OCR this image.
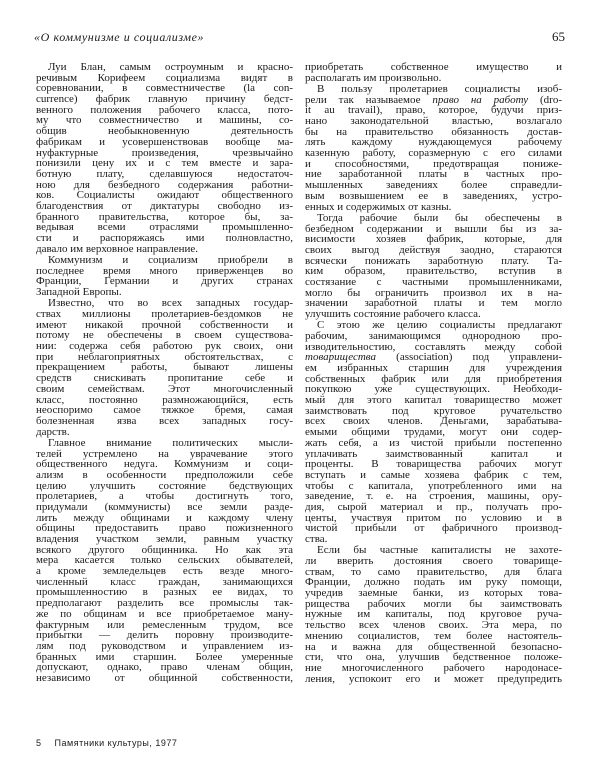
«О коммунизме и социализме»	65
Луи Блан, самым остроумным и красно-
речивым Корифеем социализма видят в
соревновании, в совместничестве (la con-
currence) фабрик главную причину бедст-
венного положения рабочего класса, пото-
му что совместничество и машины, со-
общив необыкновенную деятельность
фабрикам и усовершенствовав вообще ма-
нуфактурные произведения, чрезвычайно
понизили цену их и с тем вместе и зара-
ботную плату, сделавшуюся недостаточ-
ною для безбедного содержания работни-
ков. Социалисты ожидают общественного
благоденствия от диктатуры свободно из-
бранного правительства, которое бы, за-
ведывая всеми отраслями промышленно-
сти и распоряжаясь ими полновластно,
давало им верховное направление.
Коммунизм и социализм приобрели в
последнее время много приверженцев во
Франции, Германии и других странах
Западной Европы.
Известно, что во всех западных государ-
ствах миллионы пролетариев-бездомков не
имеют никакой прочной собственности и
потому не обеспечены в своем существова-
нии: содержа себя работою рук своих, они
при неблагоприятных обстоятельствах, с
прекращением работы, бывают лишены
средств снискивать пропитание себе и
своим семействам. Этот многочисленный
класс, постоянно размножающийся, есть
неоспоримо самое тяжкое бремя, самая
болезненная язва всех западных госу-
дарств.
Главное внимание политических мысли-
телей устремлено на уврачевание этого
общественного недуга. Коммунизм и соци-
ализм в особенности предположили себе
целию улучшить состояние бедствующих
пролетариев, а чтобы достигнуть того,
придумали (коммунисты) все земли разде-
лить между общинами и каждому члену
общины предоставить право пожизненного
владения участком земли, равным участку
всякого другого общинника. Но как эта
мера касается только сельских обывателей,
а кроме земледельцев есть везде много-
численный класс граждан, занимающихся
промышленностию в разных ее видах, то
предполагают разделить все промыслы так-
же по общинам и все приобретаемое ману-
фактурным или ремесленным трудом, все
прибытки — делить поровну производите-
лям под руководством и управлением из-
бранных ими старшин. Более умеренные
допускают, однако, право членам общин,
независимо от общинной собственности,
приобретать собственное имущество и
располагать им произвольно.
В пользу пролетариев социалисты изоб-
рели так называемое право на работу (dro-
it au travail), право, которое, будучи приз-
нано законодательной властью, возлагало
бы на правительство обязанность достав-
лять каждому нуждающемуся рабочему
казенную работу, соразмерную с его силами
и способностями, предотвращая пониже-
ние заработанной платы в частных про-
мышленных заведениях более справедли-
вым возвышением ее в заведениях, устро-
енных и содержимых от казны.
Тогда рабочие были бы обеспечены в
безбедном содержании и вышли бы из за-
висимости хозяев фабрик, которые, для
своих выгод действуя заодно, стараются
всячески понижать заработную плату. Та-
ким образом, правительство, вступив в
состязание с частными промышленниками,
могло бы ограничить произвол их в на-
значении заработной платы и тем могло
улучшить состояние рабочего класса.
С этою же целию социалисты предлагают
рабочим, занимающимся однородною про-
изводительностию, составлять между собой
товарищества (association) под управлени-
ем избранных старшин для учреждения
собственных фабрик или для приобретения
покупкою уже существующих. Необходи-
мый для этого капитал товарищество может
заимствовать под круговое ручательство
всех своих членов. Деньгами, зарабатыва-
емыми общими трудами, могут они содер-
жать себя, а из чистой прибыли постепенно
уплачивать заимствованный капитал и
проценты. В товарищества рабочих могут
вступать и самые хозяева фабрик с тем,
чтобы с капитала, употребленного ими на
заведение, т. е. на строения, машины, ору-
дия, сырой материал и пр., получать про-
центы, участвуя притом по условию и в
чистой прибыли от фабричного производ-
ства.
Если бы частные капиталисты не захоте-
ли вверить достояния своего товарище-
ствам, то само правительство, для блага
Франции, должно подать им руку помощи,
учредив заемные банки, из которых това-
рищества рабочих могли бы заимствовать
нужные им капиталы, под круговое руча-
тельство всех членов своих. Эта мера, по
мнению социалистов, тем более настоятель-
на и важна для общественной безопасно-
сти, что она, улучшив бедственное положе-
ние многочисленного рабочего народонасе-
ления, успокоит его и может предупредить
5 Памятники культуры, 1977
